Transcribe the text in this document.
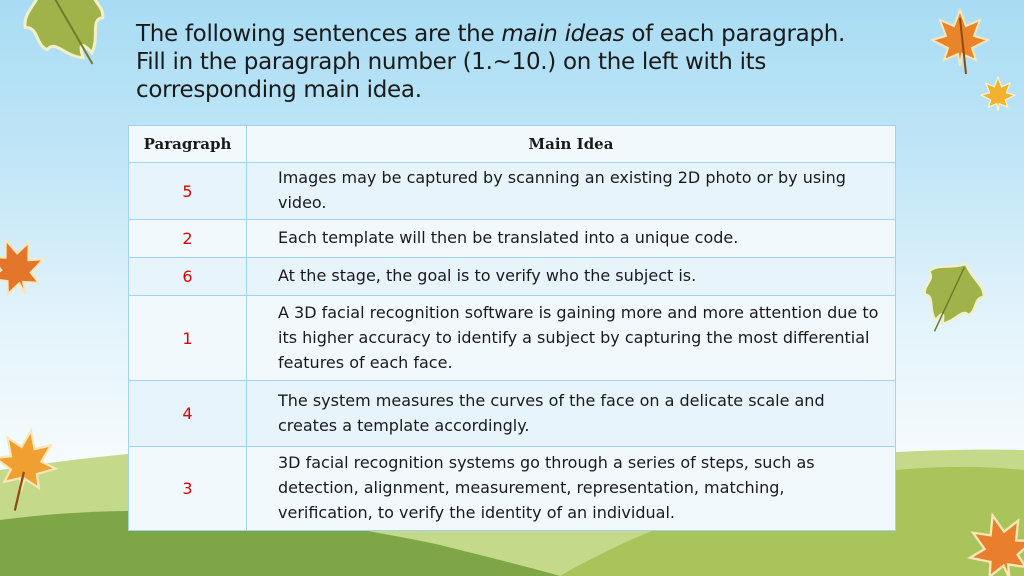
The following sentences are the main ideas of each paragraph.
Fill in the paragraph number (1.~10.) on the left with its
corresponding main idea.
Paragraph	Main Idea
5	Images may be captured by scanning an existing 2D photo or by using video.
2	Each template will then be translated into a unique code.
6	At the stage, the goal is to verify who the subject is.
1	A 3D facial recognition software is gaining more and more attention due to its higher accuracy to identify a subject by capturing the most differential features of each face.
4	The system measures the curves of the face on a delicate scale and creates a template accordingly.
3	3D facial recognition systems go through a series of steps, such as detection, alignment, measurement, representation, matching, verification, to verify the identity of an individual.
